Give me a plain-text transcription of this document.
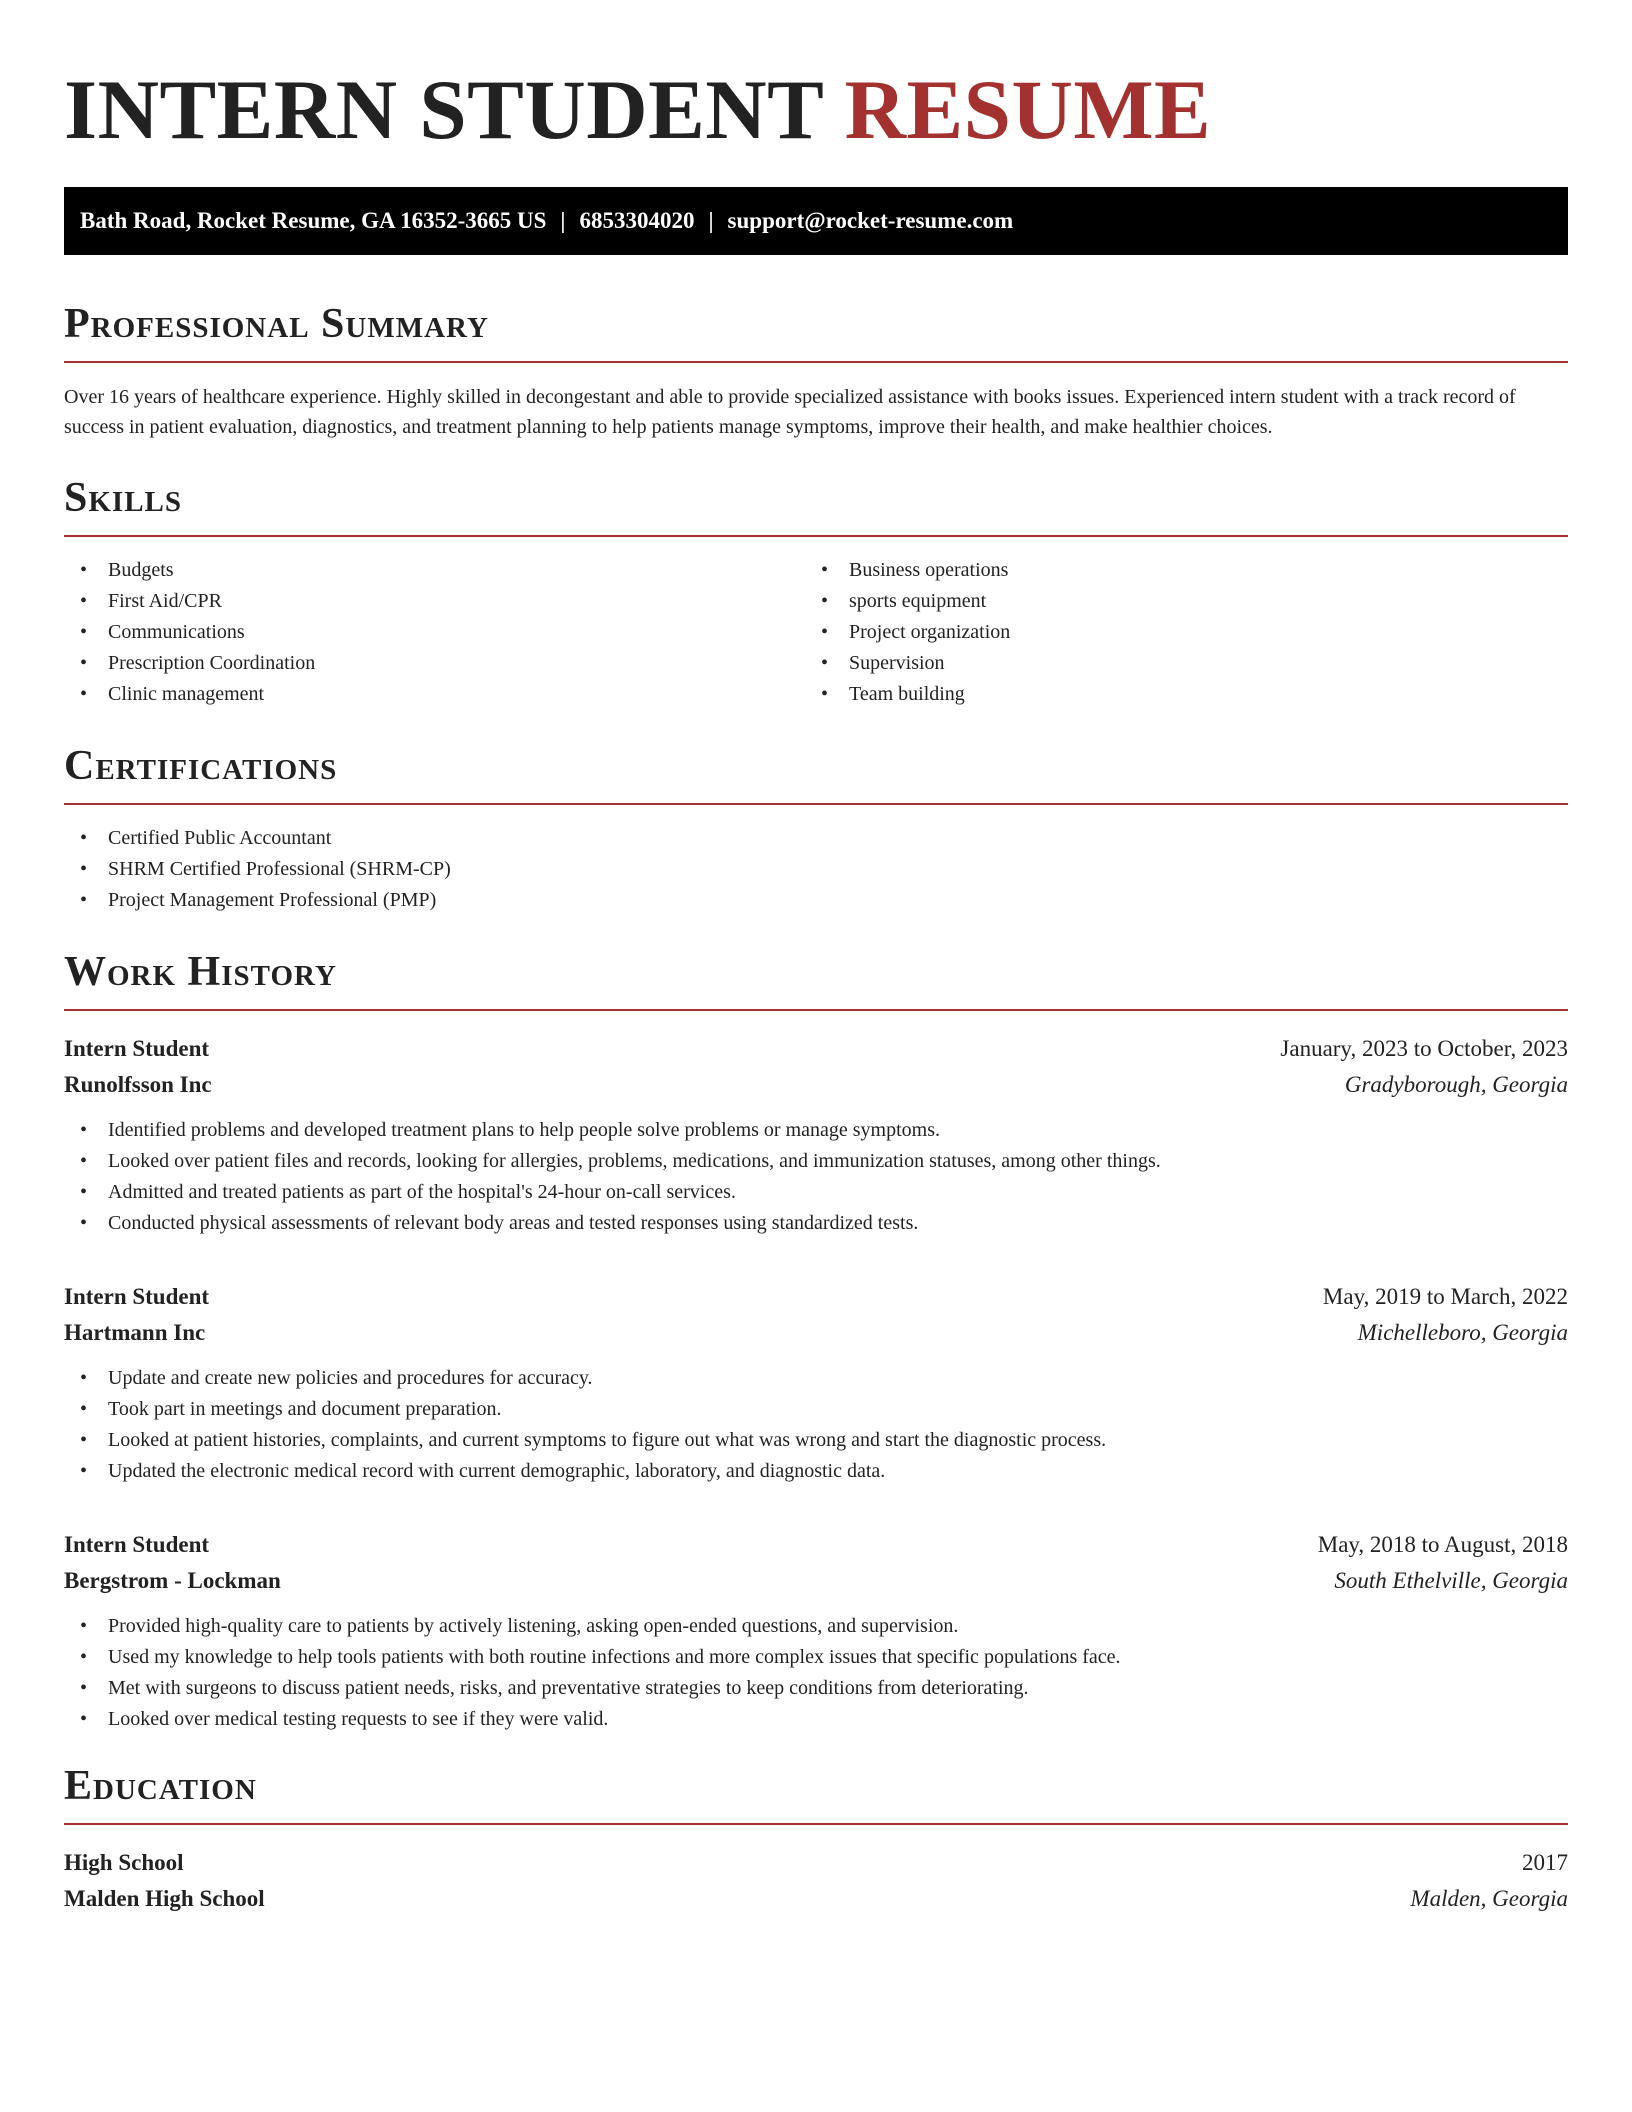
INTERN STUDENT RESUME
Bath Road, Rocket Resume, GA 16352-3665 US | 6853304020 | support@rocket-resume.com
Professional Summary

Over 16 years of healthcare experience. Highly skilled in decongestant and able to provide specialized assistance with books issues. Experienced intern student with a track record of success in patient evaluation, diagnostics, and treatment planning to help patients manage symptoms, improve their health, and make healthier choices.

Skills
• Budgets
• First Aid/CPR
• Communications
• Prescription Coordination
• Clinic management
• Business operations
• sports equipment
• Project organization
• Supervision
• Team building
Certifications
• Certified Public Accountant
• SHRM Certified Professional (SHRM-CP)
• Project Management Professional (PMP)
Work History
Intern Student	January, 2023 to October, 2023
Runolfsson Inc	Gradyborough, Georgia
• Identified problems and developed treatment plans to help people solve problems or manage symptoms.
• Looked over patient files and records, looking for allergies, problems, medications, and immunization statuses, among other things.
• Admitted and treated patients as part of the hospital's 24-hour on-call services.
• Conducted physical assessments of relevant body areas and tested responses using standardized tests.
Intern Student	May, 2019 to March, 2022
Hartmann Inc	Michelleboro, Georgia
• Update and create new policies and procedures for accuracy.
• Took part in meetings and document preparation.
• Looked at patient histories, complaints, and current symptoms to figure out what was wrong and start the diagnostic process.
• Updated the electronic medical record with current demographic, laboratory, and diagnostic data.
Intern Student	May, 2018 to August, 2018
Bergstrom - Lockman	South Ethelville, Georgia
• Provided high-quality care to patients by actively listening, asking open-ended questions, and supervision.
• Used my knowledge to help tools patients with both routine infections and more complex issues that specific populations face.
• Met with surgeons to discuss patient needs, risks, and preventative strategies to keep conditions from deteriorating.
• Looked over medical testing requests to see if they were valid.
Education
High School	2017
Malden High School	Malden, Georgia
